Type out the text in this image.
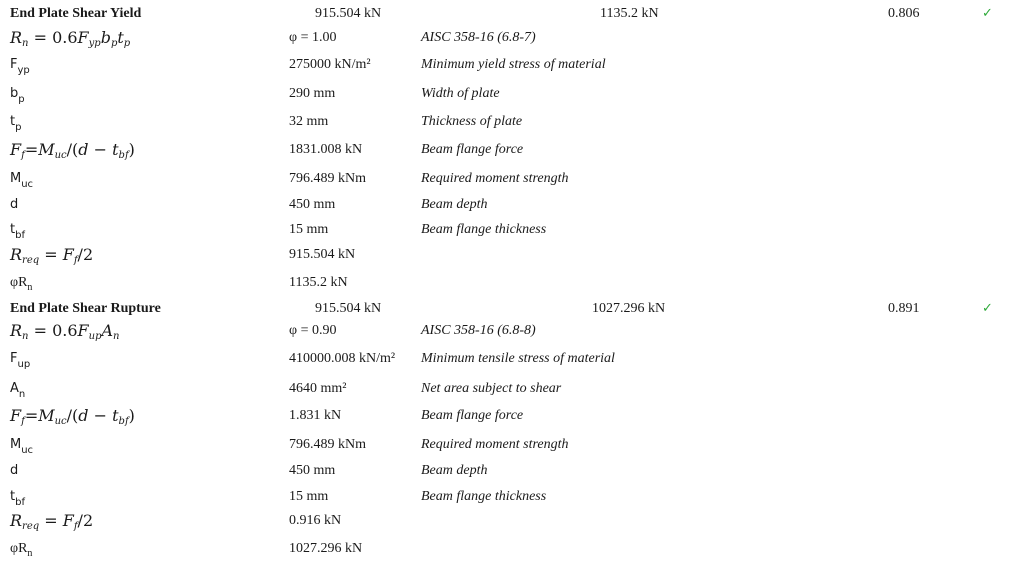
End Plate Shear Yield	915.504 kN	1135.2 kN	0.806	✓
$R_n = 0.6F_{yp}b_pt_p$	φ = 1.00	AISC 358-16 (6.8-7)
$F_{yp}$	275000 kN/m²	Minimum yield stress of material
$b_p$	290 mm	Width of plate
$t_p$	32 mm	Thickness of plate
$F_f=M_{uc}/(d - t_{bf})$	1831.008 kN	Beam flange force
$M_{uc}$	796.489 kNm	Required moment strength
d	450 mm	Beam depth
$t_{bf}$	15 mm	Beam flange thickness
$R_{req} = F_f/2$	915.504 kN
$\varphi R_n$	1135.2 kN
End Plate Shear Rupture	915.504 kN	1027.296 kN	0.891	✓
$R_n = 0.6F_{up}A_n$	φ = 0.90	AISC 358-16 (6.8-8)
$F_{up}$	410000.008 kN/m² Minimum tensile stress of material
$A_n$	4640 mm²	Net area subject to shear
$F_f=M_{uc}/(d - t_{bf})$	1.831 kN	Beam flange force
$M_{uc}$	796.489 kNm	Required moment strength
d	450 mm	Beam depth
$t_{bf}$	15 mm	Beam flange thickness
$R_{req} = F_f/2$	0.916 kN
$\varphi R_n$	1027.296 kN
